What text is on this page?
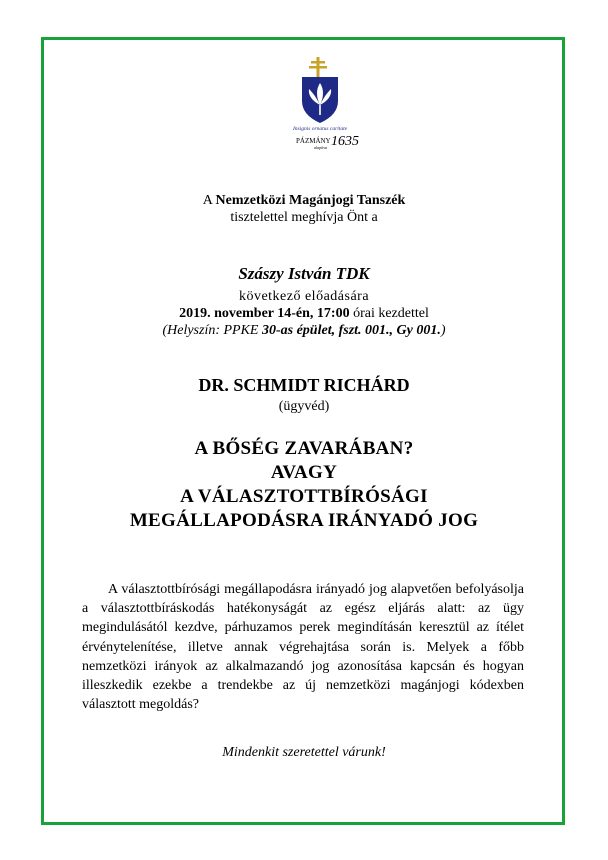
Insignis ornatus caritate
PÁZMÁNY 1635
alapítva
A Nemzetközi Magánjogi Tanszék
tisztelettel meghívja Önt a
Szászy István TDK
következő előadására
2019. november 14-én, 17:00 órai kezdettel
(Helyszín: PPKE 30-as épület, fszt. 001., Gy 001.)
DR. SCHMIDT RICHÁRD
(ügyvéd)
A BŐSÉG ZAVARÁBAN?
AVAGY
A VÁLASZTOTTBÍRÓSÁGI
MEGÁLLAPODÁSRA IRÁNYADÓ JOG
A választottbírósági megállapodásra irányadó jog alapvetően befolyásolja a választottbíráskodás hatékonyságát az egész eljárás alatt: az ügy megindulásától kezdve, párhuzamos perek megindításán keresztül az ítélet érvénytelenítése, illetve annak végrehajtása során is. Melyek a főbb nemzetközi irányok az alkalmazandó jog azonosítása kapcsán és hogyan illeszkedik ezekbe a trendekbe az új nemzetközi magánjogi kódexben választott megoldás?
Mindenkit szeretettel várunk!
